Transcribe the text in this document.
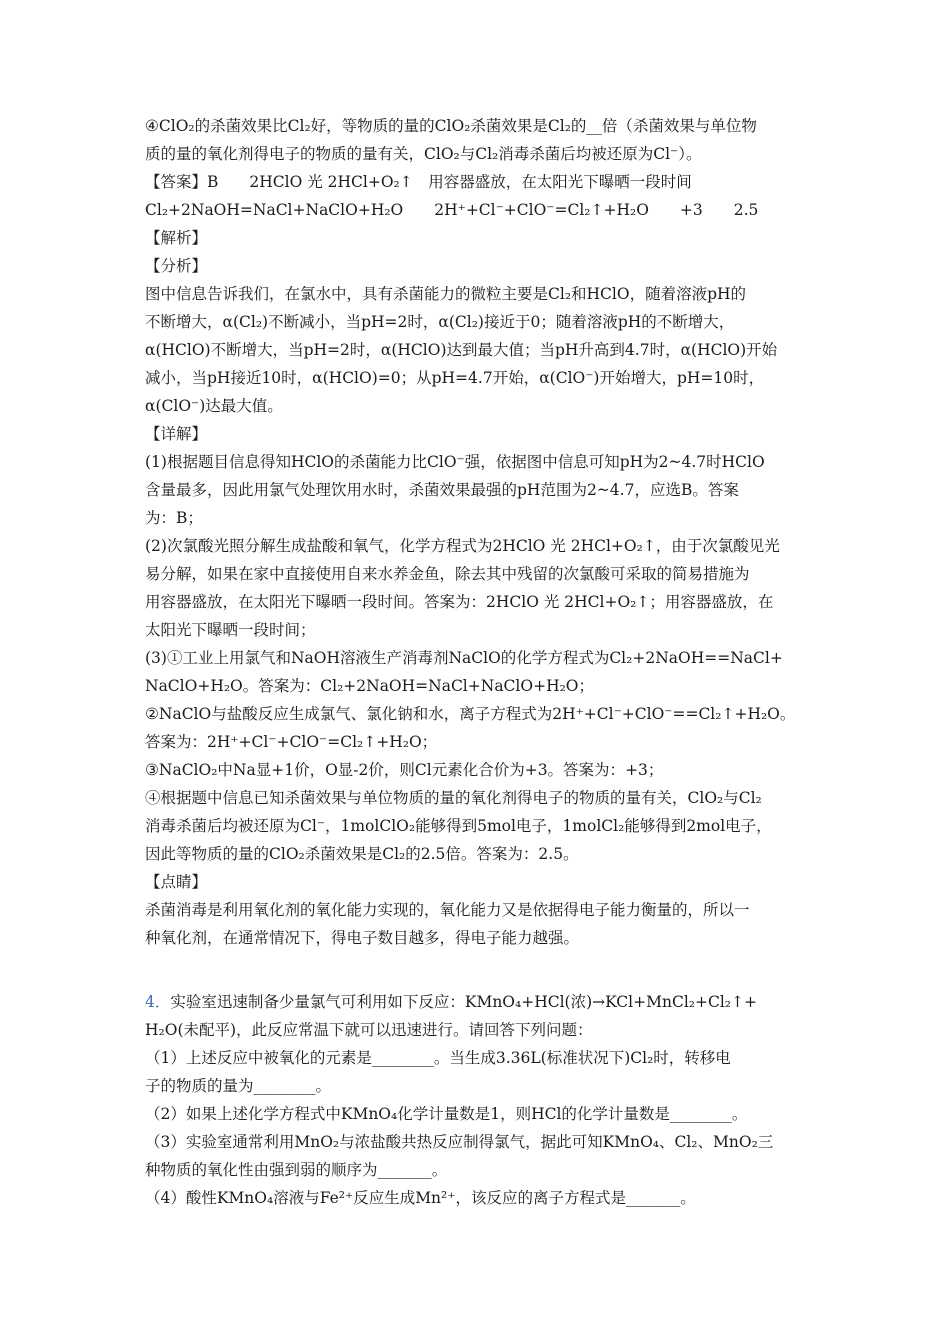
④ClO₂的杀菌效果比Cl₂好，等物质的量的ClO₂杀菌效果是Cl₂的__倍（杀菌效果与单位物
质的量的氧化剂得电子的物质的量有关，ClO₂与Cl₂消毒杀菌后均被还原为Cl⁻）。
【答案】B　　2HClO 光 2HCl+O₂↑　用容器盛放，在太阳光下曝晒一段时间
Cl₂+2NaOH=NaCl+NaClO+H₂O　　2H⁺+Cl⁻+ClO⁻=Cl₂↑+H₂O　　+3　　2.5
【解析】
【分析】
图中信息告诉我们，在氯水中，具有杀菌能力的微粒主要是Cl₂和HClO，随着溶液pH的
不断增大，α(Cl₂)不断减小，当pH=2时，α(Cl₂)接近于0；随着溶液pH的不断增大，
α(HClO)不断增大，当pH=2时，α(HClO)达到最大值；当pH升高到4.7时，α(HClO)开始
减小，当pH接近10时，α(HClO)=0；从pH=4.7开始，α(ClO⁻)开始增大，pH=10时，
α(ClO⁻)达最大值。
【详解】
(1)根据题目信息得知HClO的杀菌能力比ClO⁻强，依据图中信息可知pH为2~4.7时HClO
含量最多，因此用氯气处理饮用水时，杀菌效果最强的pH范围为2~4.7，应选B。答案
为：B；
(2)次氯酸光照分解生成盐酸和氧气，化学方程式为2HClO 光 2HCl+O₂↑，由于次氯酸见光
易分解，如果在家中直接使用自来水养金鱼，除去其中残留的次氯酸可采取的简易措施为
用容器盛放，在太阳光下曝晒一段时间。答案为：2HClO 光 2HCl+O₂↑；用容器盛放，在
太阳光下曝晒一段时间；
(3)①工业上用氯气和NaOH溶液生产消毒剂NaClO的化学方程式为Cl₂+2NaOH==NaCl+
NaClO+H₂O。答案为：Cl₂+2NaOH=NaCl+NaClO+H₂O；
②NaClO与盐酸反应生成氯气、氯化钠和水，离子方程式为2H⁺+Cl⁻+ClO⁻==Cl₂↑+H₂O。
答案为：2H⁺+Cl⁻+ClO⁻=Cl₂↑+H₂O；
③NaClO₂中Na显+1价，O显-2价，则Cl元素化合价为+3。答案为：+3；
④根据题中信息已知杀菌效果与单位物质的量的氧化剂得电子的物质的量有关，ClO₂与Cl₂
消毒杀菌后均被还原为Cl⁻，1molClO₂能够得到5mol电子，1molCl₂能够得到2mol电子，
因此等物质的量的ClO₂杀菌效果是Cl₂的2.5倍。答案为：2.5。
【点睛】
杀菌消毒是利用氧化剂的氧化能力实现的，氧化能力又是依据得电子能力衡量的，所以一
种氧化剂，在通常情况下，得电子数目越多，得电子能力越强。
4．实验室迅速制备少量氯气可利用如下反应：KMnO₄+HCl(浓)→KCl+MnCl₂+Cl₂↑+
H₂O(未配平)，此反应常温下就可以迅速进行。请回答下列问题：
（1）上述反应中被氧化的元素是________。当生成3.36L(标准状况下)Cl₂时，转移电
子的物质的量为________。
（2）如果上述化学方程式中KMnO₄化学计量数是1，则HCl的化学计量数是________。
（3）实验室通常利用MnO₂与浓盐酸共热反应制得氯气，据此可知KMnO₄、Cl₂、MnO₂三
种物质的氧化性由强到弱的顺序为_______。
（4）酸性KMnO₄溶液与Fe²⁺反应生成Mn²⁺，该反应的离子方程式是_______。
